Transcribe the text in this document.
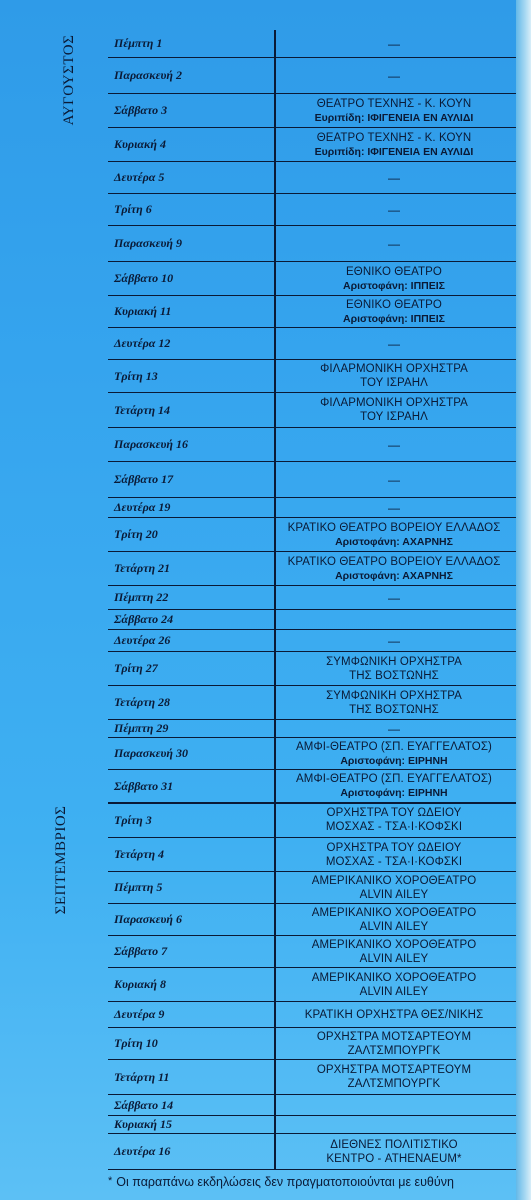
ΑΥΓΟΥΣΤΟΣ
ΣΕΠΤΕΜΒΡΙΟΣ
Πέμπτη 1	—
Παρασκευή 2	—
Σάββατο 3	ΘΕΑΤΡΟ ΤΕΧΝΗΣ - Κ. ΚΟΥΝ
Ευριπίδη: ΙΦΙΓΕΝΕΙΑ ΕΝ ΑΥΛΙΔΙ
Κυριακή 4	ΘΕΑΤΡΟ ΤΕΧΝΗΣ - Κ. ΚΟΥΝ
Ευριπίδη: ΙΦΙΓΕΝΕΙΑ ΕΝ ΑΥΛΙΔΙ
Δευτέρα 5	—
Τρίτη 6	—
Παρασκευή 9	—
Σάββατο 10	ΕΘΝΙΚΟ ΘΕΑΤΡΟ
Αριστοφάνη: ΙΠΠΕΙΣ
Κυριακή 11	ΕΘΝΙΚΟ ΘΕΑΤΡΟ
Αριστοφάνη: ΙΠΠΕΙΣ
Δευτέρα 12	—
Τρίτη 13	ΦΙΛΑΡΜΟΝΙΚΗ ΟΡΧΗΣΤΡΑ
ΤΟΥ ΙΣΡΑΗΛ
Τετάρτη 14	ΦΙΛΑΡΜΟΝΙΚΗ ΟΡΧΗΣΤΡΑ
ΤΟΥ ΙΣΡΑΗΛ
Παρασκευή 16	—
Σάββατο 17	—
Δευτέρα 19	—
Τρίτη 20	ΚΡΑΤΙΚΟ ΘΕΑΤΡΟ ΒΟΡΕΙΟΥ ΕΛΛΑΔΟΣ
Αριστοφάνη: ΑΧΑΡΝΗΣ
Τετάρτη 21	ΚΡΑΤΙΚΟ ΘΕΑΤΡΟ ΒΟΡΕΙΟΥ ΕΛΛΑΔΟΣ
Αριστοφάνη: ΑΧΑΡΝΗΣ
Πέμπτη 22	—
Σάββατο 24
Δευτέρα 26	—
Τρίτη 27	ΣΥΜΦΩΝΙΚΗ ΟΡΧΗΣΤΡΑ
ΤΗΣ ΒΟΣΤΩΝΗΣ
Τετάρτη 28	ΣΥΜΦΩΝΙΚΗ ΟΡΧΗΣΤΡΑ
ΤΗΣ ΒΟΣΤΩΝΗΣ
Πέμπτη 29	—
Παρασκευή 30	ΑΜΦΙ-ΘΕΑΤΡΟ (ΣΠ. ΕΥΑΓΓΕΛΑΤΟΣ)
Αριστοφάνη: ΕΙΡΗΝΗ
Σάββατο 31	ΑΜΦΙ-ΘΕΑΤΡΟ (ΣΠ. ΕΥΑΓΓΕΛΑΤΟΣ)
Αριστοφάνη: ΕΙΡΗΝΗ
Τρίτη 3	ΟΡΧΗΣΤΡΑ ΤΟΥ ΩΔΕΙΟΥ
ΜΟΣΧΑΣ - ΤΣΑ·Ι·ΚΟΦΣΚΙ
Τετάρτη 4	ΟΡΧΗΣΤΡΑ ΤΟΥ ΩΔΕΙΟΥ
ΜΟΣΧΑΣ - ΤΣΑ·Ι·ΚΟΦΣΚΙ
Πέμπτη 5	ΑΜΕΡΙΚΑΝΙΚΟ ΧΟΡΟΘΕΑΤΡΟ
ALVIN AILEY
Παρασκευή 6	ΑΜΕΡΙΚΑΝΙΚΟ ΧΟΡΟΘΕΑΤΡΟ
ALVIN AILEY
Σάββατο 7	ΑΜΕΡΙΚΑΝΙΚΟ ΧΟΡΟΘΕΑΤΡΟ
ALVIN AILEY
Κυριακή 8	ΑΜΕΡΙΚΑΝΙΚΟ ΧΟΡΟΘΕΑΤΡΟ
ALVIN AILEY
Δευτέρα 9	ΚΡΑΤΙΚΗ ΟΡΧΗΣΤΡΑ ΘΕΣ/ΝΙΚΗΣ
Τρίτη 10	ΟΡΧΗΣΤΡΑ ΜΟΤΣΑΡΤΕΟΥΜ
ΖΑΛΤΣΜΠΟΥΡΓΚ
Τετάρτη 11	ΟΡΧΗΣΤΡΑ ΜΟΤΣΑΡΤΕΟΥΜ
ΖΑΛΤΣΜΠΟΥΡΓΚ
Σάββατο 14
Κυριακή 15
Δευτέρα 16	ΔΙΕΘΝΕΣ ΠΟΛΙΤΙΣΤΙΚΟ
ΚΕΝΤΡΟ - ATHENAEUM*
* Οι παραπάνω εκδηλώσεις δεν πραγματοποιούνται με ευθύνη
